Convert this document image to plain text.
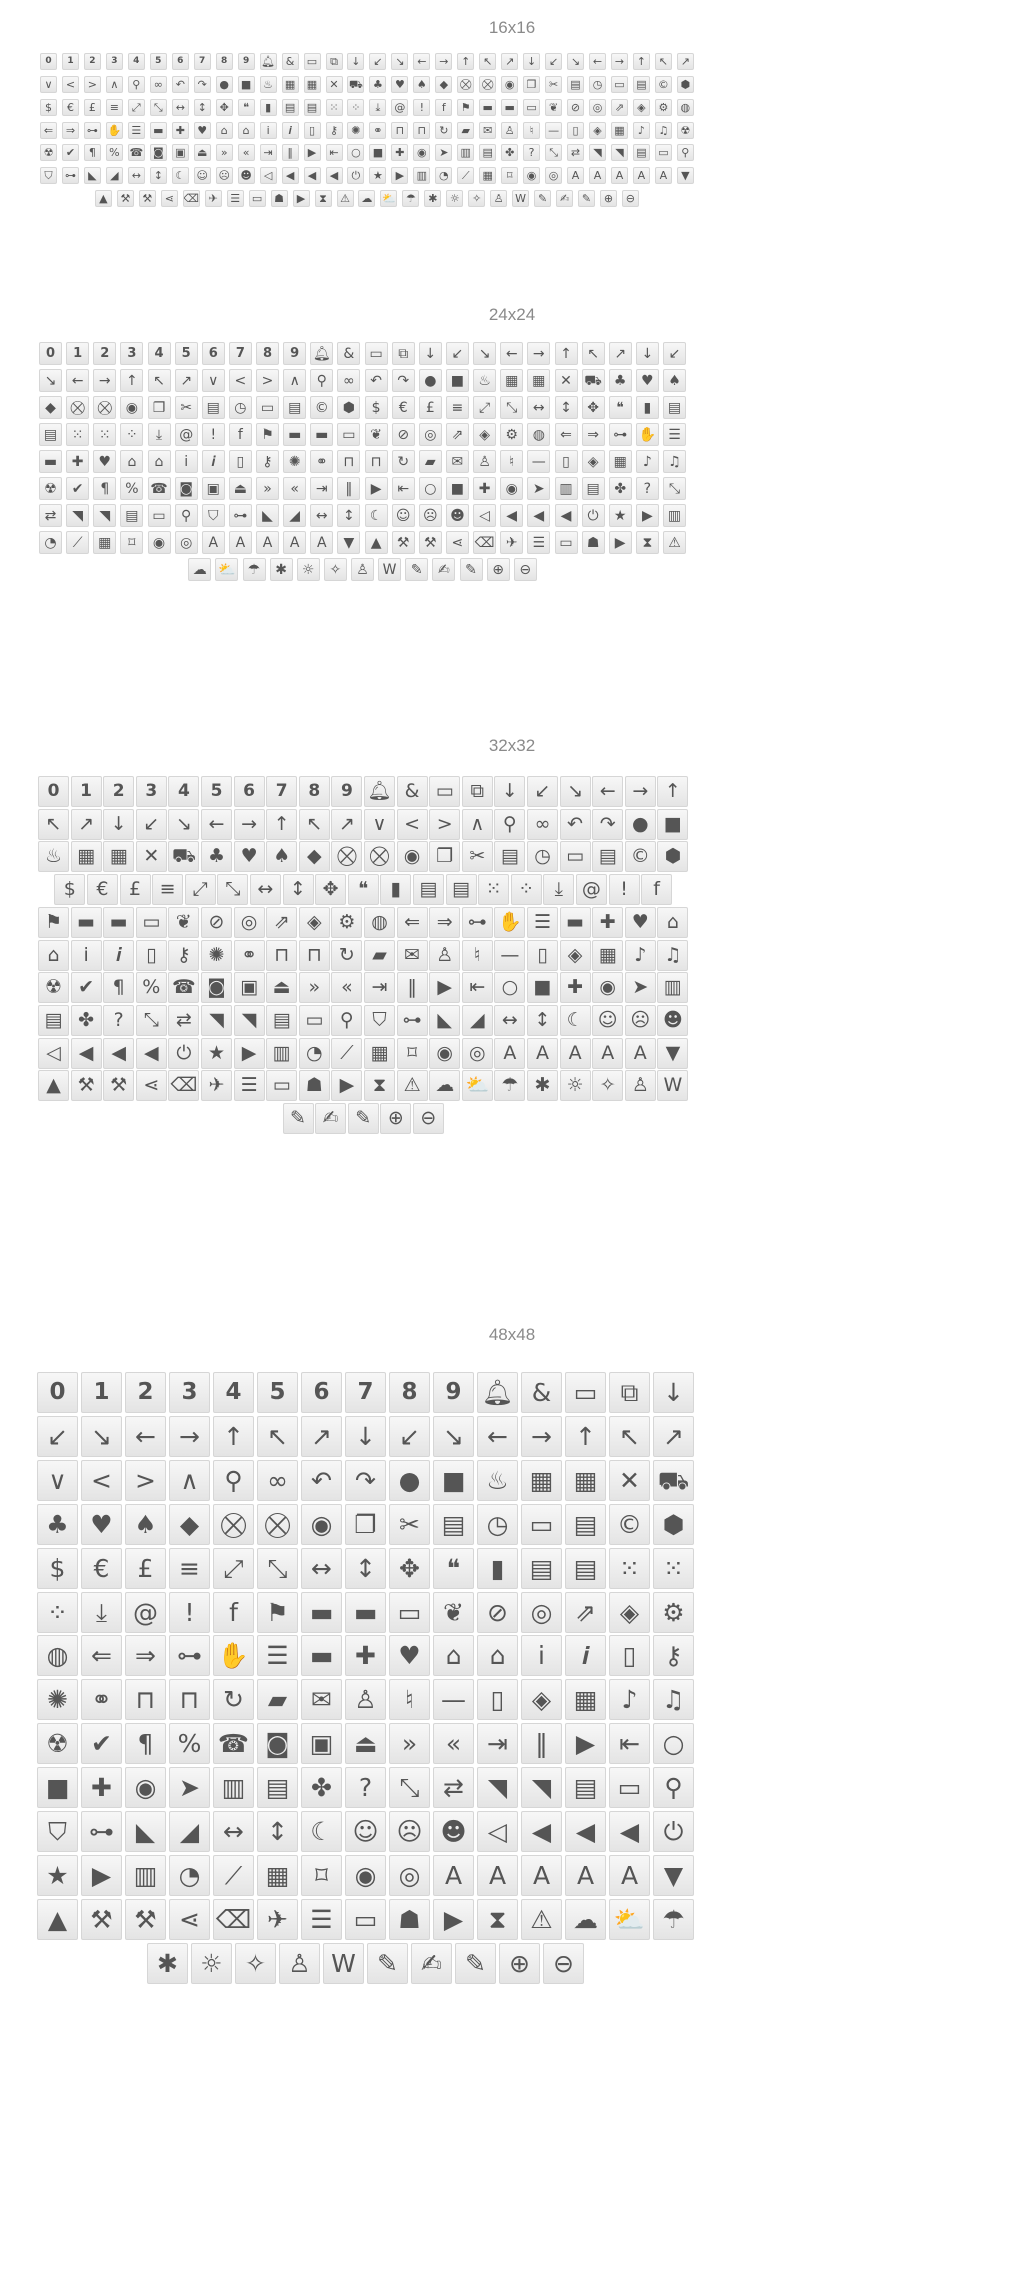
16x16
0 1 2 3 4 5 6 7 8 9 🔔︎ & ▭ ⧉ ↓ ↙ ↘ ← → ↑ ↖ ↗ ↓ ↙ ↘ ← → ↑ ↖ ↗
∨ < > ∧ ⚲ ∞ ↶ ↷ ● ■ ♨ ▦ ▦ ✕ ⛟ ♣ ♥ ♠ ◆ ⛒ ⛒ ◉ ❐ ✂ ▤ ◷ ▭ ▤ © ⬢
$ € £ ≡ ⤢ ⤡ ↔ ↕ ✥ ❝ ▮ ▤ ▤ ⁙ ⁘ ⤓ @ ! f ⚑ ▬ ▬ ▭ ❦ ⊘ ◎ ⇗ ◈ ⚙ ◍
⇐ ⇒ ⊶ ✋ ☰ ▬ ✚ ♥ ⌂ ⌂ i 𝒊 ▯ ⚷ ✺ ⚭ ⊓ ⊓ ↻ ▰ ✉ ♙ ♮ — ▯ ◈ ▦ ♪ ♫ ☢
☢ ✔ ¶ % ☎ ◙ ▣ ⏏ » « ⇥ ‖ ▶ ⇤ ○ ■ ✚ ◉ ➤ ▥ ▤ ✤ ? ⤡ ⇄ ◥ ◥ ▤ ▭ ⚲
⛉ ⊶ ◣ ◢ ↔ ↕ ☾ ☺ ☹ ☻ ◁ ◀ ◀ ◀ ⏻ ★ ▶ ▥ ◔ ⟋ ▦ ⌑ ◉ ◎ A A A A A ▼
▲ ⚒ ⚒ ⋖ ⌫ ✈ ☰ ▭ ☗ ▶ ⧗ ⚠ ☁ ⛅ ☂ ✱ ☼ ✧ ♙ W ✎ ✍ ✎ ⊕ ⊖
24x24
0 1 2 3 4 5 6 7 8 9 🔔︎ & ▭ ⧉ ↓ ↙ ↘ ← → ↑ ↖ ↗ ↓ ↙
↘ ← → ↑ ↖ ↗ ∨ < > ∧ ⚲ ∞ ↶ ↷ ● ■ ♨ ▦ ▦ ✕ ⛟ ♣ ♥ ♠
◆ ⛒ ⛒ ◉ ❐ ✂ ▤ ◷ ▭ ▤ © ⬢ $ € £ ≡ ⤢ ⤡ ↔ ↕ ✥ ❝ ▮ ▤
▤ ⁙ ⁙ ⁘ ⤓ @ ! f ⚑ ▬ ▬ ▭ ❦ ⊘ ◎ ⇗ ◈ ⚙ ◍ ⇐ ⇒ ⊶ ✋ ☰
▬ ✚ ♥ ⌂ ⌂ i 𝒊 ▯ ⚷ ✺ ⚭ ⊓ ⊓ ↻ ▰ ✉ ♙ ♮ — ▯ ◈ ▦ ♪ ♫
☢ ✔ ¶ % ☎ ◙ ▣ ⏏ » « ⇥ ‖ ▶ ⇤ ○ ■ ✚ ◉ ➤ ▥ ▤ ✤ ? ⤡
⇄ ◥ ◥ ▤ ▭ ⚲ ⛉ ⊶ ◣ ◢ ↔ ↕ ☾ ☺ ☹ ☻ ◁ ◀ ◀ ◀ ⏻ ★ ▶ ▥
◔ ⟋ ▦ ⌑ ◉ ◎ A A A A A ▼ ▲ ⚒ ⚒ ⋖ ⌫ ✈ ☰ ▭ ☗ ▶ ⧗ ⚠
☁ ⛅ ☂ ✱ ☼ ✧ ♙ W ✎ ✍ ✎ ⊕ ⊖
32x32
0 1 2 3 4 5 6 7 8 9 🔔︎ & ▭ ⧉ ↓ ↙ ↘ ← → ↑
↖ ↗ ↓ ↙ ↘ ← → ↑ ↖ ↗ ∨ < > ∧ ⚲ ∞ ↶ ↷ ● ■
♨ ▦ ▦ ✕ ⛟ ♣ ♥ ♠ ◆ ⛒ ⛒ ◉ ❐ ✂ ▤ ◷ ▭ ▤ © ⬢
$ € £ ≡ ⤢ ⤡ ↔ ↕ ✥ ❝ ▮ ▤ ▤ ⁙ ⁘ ⤓ @ ! f
⚑ ▬ ▬ ▭ ❦ ⊘ ◎ ⇗ ◈ ⚙ ◍ ⇐ ⇒ ⊶ ✋ ☰ ▬ ✚ ♥ ⌂
⌂ i 𝒊 ▯ ⚷ ✺ ⚭ ⊓ ⊓ ↻ ▰ ✉ ♙ ♮ — ▯ ◈ ▦ ♪ ♫
☢ ✔ ¶ % ☎ ◙ ▣ ⏏ » « ⇥ ‖ ▶ ⇤ ○ ■ ✚ ◉ ➤ ▥
▤ ✤ ? ⤡ ⇄ ◥ ◥ ▤ ▭ ⚲ ⛉ ⊶ ◣ ◢ ↔ ↕ ☾ ☺ ☹ ☻
◁ ◀ ◀ ◀ ⏻ ★ ▶ ▥ ◔ ⟋ ▦ ⌑ ◉ ◎ A A A A A ▼
▲ ⚒ ⚒ ⋖ ⌫ ✈ ☰ ▭ ☗ ▶ ⧗ ⚠ ☁ ⛅ ☂ ✱ ☼ ✧ ♙ W
✎ ✍ ✎ ⊕ ⊖
48x48
0 1 2 3 4 5 6 7 8 9 🔔︎ & ▭ ⧉ ↓
↙ ↘ ← → ↑ ↖ ↗ ↓ ↙ ↘ ← → ↑ ↖ ↗
∨ < > ∧ ⚲ ∞ ↶ ↷ ● ■ ♨ ▦ ▦ ✕ ⛟
♣ ♥ ♠ ◆ ⛒ ⛒ ◉ ❐ ✂ ▤ ◷ ▭ ▤ © ⬢
$ € £ ≡ ⤢ ⤡ ↔ ↕ ✥ ❝ ▮ ▤ ▤ ⁙ ⁙
⁘ ⤓ @ ! f ⚑ ▬ ▬ ▭ ❦ ⊘ ◎ ⇗ ◈ ⚙
◍ ⇐ ⇒ ⊶ ✋ ☰ ▬ ✚ ♥ ⌂ ⌂ i 𝒊 ▯ ⚷
✺ ⚭ ⊓ ⊓ ↻ ▰ ✉ ♙ ♮ — ▯ ◈ ▦ ♪ ♫
☢ ✔ ¶ % ☎ ◙ ▣ ⏏ » « ⇥ ‖ ▶ ⇤ ○
■ ✚ ◉ ➤ ▥ ▤ ✤ ? ⤡ ⇄ ◥ ◥ ▤ ▭ ⚲
⛉ ⊶ ◣ ◢ ↔ ↕ ☾ ☺ ☹ ☻ ◁ ◀ ◀ ◀ ⏻
★ ▶ ▥ ◔ ⟋ ▦ ⌑ ◉ ◎ A A A A A ▼
▲ ⚒ ⚒ ⋖ ⌫ ✈ ☰ ▭ ☗ ▶ ⧗ ⚠ ☁ ⛅ ☂
✱ ☼ ✧ ♙ W ✎ ✍ ✎ ⊕ ⊖
